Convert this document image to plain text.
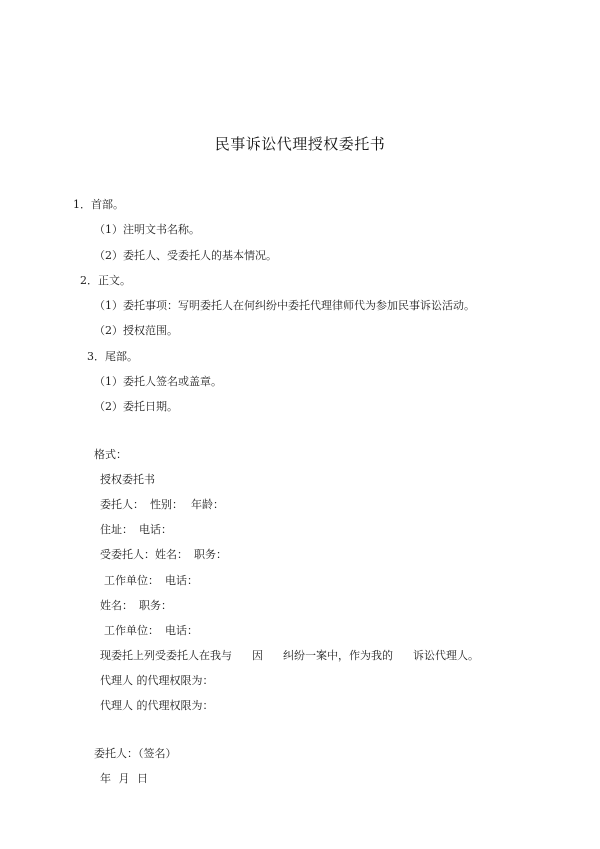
民事诉讼代理授权委托书
1．首部。
（1）注明文书名称。
（2）委托人、受委托人的基本情况。
2．正文。
（1）委托事项：写明委托人在何纠纷中委托代理律师代为参加民事诉讼活动。
（2）授权范围。
3．尾部。
（1）委托人签名或盖章。
（2）委托日期。
格式：
授权委托书
委托人： 性别： 年龄：
住址： 电话：
受委托人：姓名： 职务：
工作单位： 电话：
姓名： 职务：
工作单位： 电话：
现委托上列受委托人在我与 因 纠纷一案中，作为我的 诉讼代理人。
代理人 的代理权限为：
代理人 的代理权限为：
委托人：（签名）
年 月 日
